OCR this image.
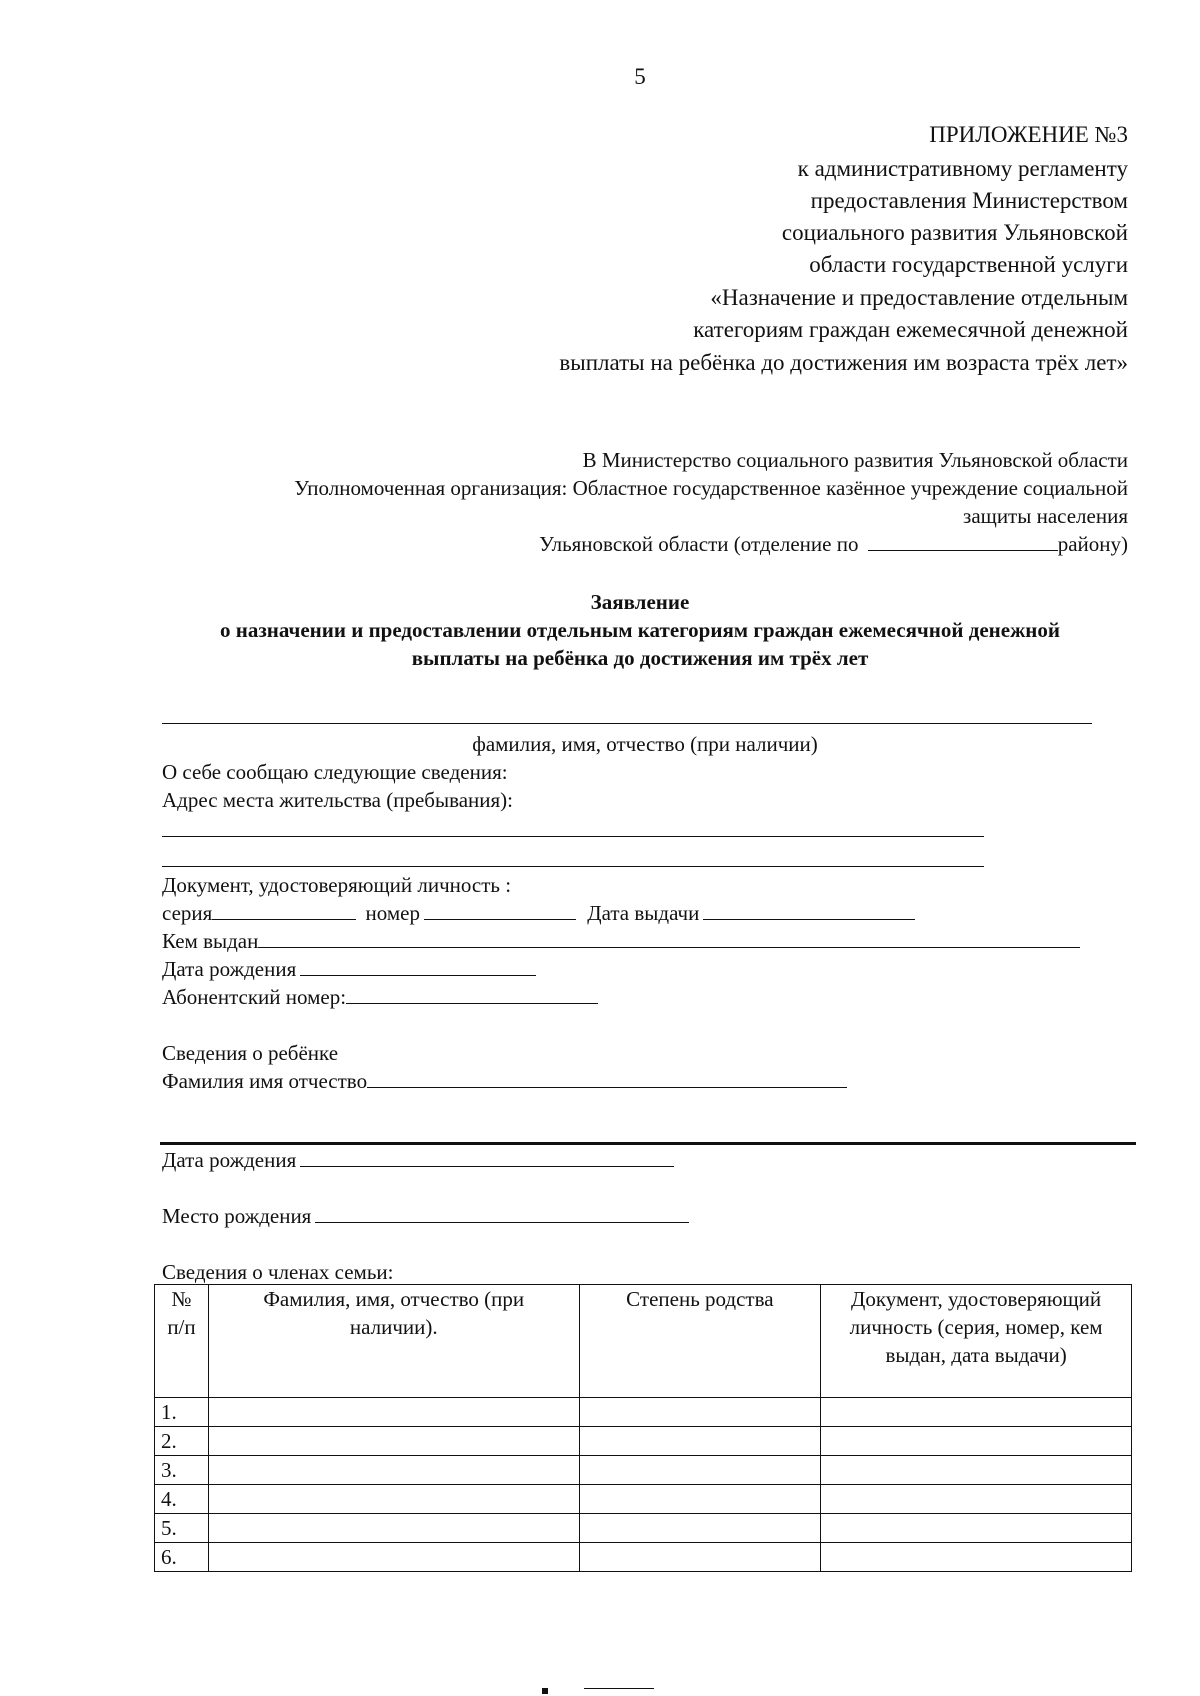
5
ПРИЛОЖЕНИЕ №3
к административному регламенту
предоставления Министерством
социального развития Ульяновской
области государственной услуги
«Назначение и предоставление отдельным
категориям граждан ежемесячной денежной
выплаты на ребёнка до достижения им возраста трёх лет»
В Министерство социального развития Ульяновской области
Уполномоченная организация: Областное государственное казённое учреждение социальной
защиты населения
Ульяновской области (отделение по	району)
Заявление
о назначении и предоставлении отдельным категориям граждан ежемесячной денежной
выплаты на ребёнка до достижения им трёх лет
фамилия, имя, отчество (при наличии)
О себе сообщаю следующие сведения:
Адрес места жительства (пребывания):
Документ, удостоверяющий личность :
серия	номер	Дата выдачи
Кем выдан
Дата рождения
Абонентский номер:
Сведения о ребёнке
Фамилия имя отчество
Дата рождения
Место рождения
Сведения о членах семьи:
№ п/п	Фамилия, имя, отчество (при наличии).	Степень родства	Документ, удостоверяющий личность (серия, номер, кем выдан, дата выдачи)
1.			
2.			
3.			
4.			
5.			
6.			
